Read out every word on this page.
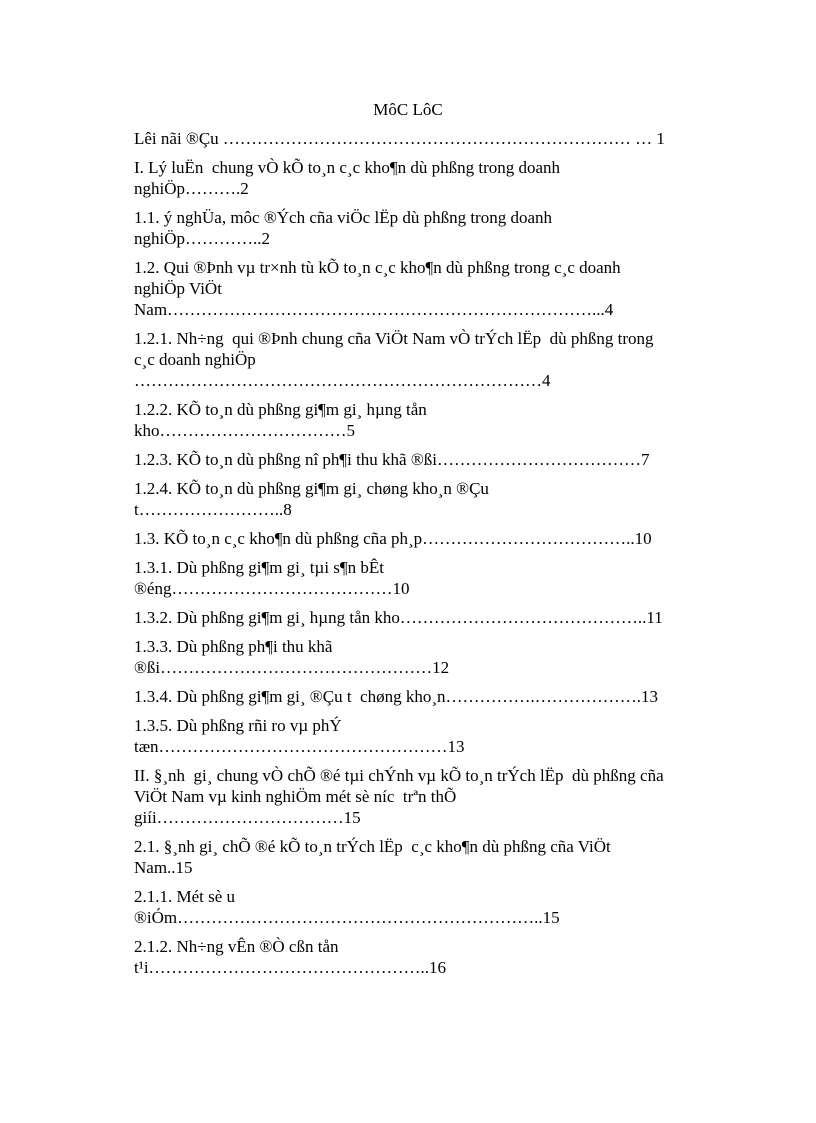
MôC LôC
Lêi nãi ®Çu ……………………………………………………………… … 1
I. Lý luËn  chung vÒ kÕ to¸n c¸c kho¶n dù phßng trong doanh
nghiÖp……….2
1.1. ý nghÜa, môc ®Ých cña viÖc lËp dù phßng trong doanh
nghiÖp…………..2
1.2. Qui ®Þnh vµ tr×nh tù kÕ to¸n c¸c kho¶n dù phßng trong c¸c doanh
nghiÖp ViÖt
Nam…………………………………………………………………...4
1.2.1. Nh÷ng  qui ®Þnh chung cña ViÖt Nam vÒ trÝch lËp  dù phßng trong
c¸c doanh nghiÖp
………………………………………………………………4
1.2.2. KÕ to¸n dù phßng gi¶m gi¸ hµng tån
kho……………………………5
1.2.3. KÕ to¸n dù phßng nî ph¶i thu khã ®ßi………………………………7
1.2.4. KÕ to¸n dù phßng gi¶m gi¸ chøng kho¸n ®Çu
t……………………..8
1.3. KÕ to¸n c¸c kho¶n dù phßng cña ph¸p………………………………..10
1.3.1. Dù phßng gi¶m gi¸ tµi s¶n bÊt
®éng…………………………………10
1.3.2. Dù phßng gi¶m gi¸ hµng tån kho……………………………………..11
1.3.3. Dù phßng ph¶i thu khã
®ßi…………………………………………12
1.3.4. Dù phßng gi¶m gi¸ ®Çu t  chøng kho¸n…………….……………….13
1.3.5. Dù phßng rñi ro vµ phÝ
tæn……………………………………………13
II. §¸nh  gi¸ chung vÒ chÕ ®é tµi chÝnh vµ kÕ to¸n trÝch lËp  dù phßng cña
ViÖt Nam vµ kinh nghiÖm mét sè níc  trªn thÕ
giíi……………………………15
2.1. §¸nh gi¸ chÕ ®é kÕ to¸n trÝch lËp  c¸c kho¶n dù phßng cña ViÖt
Nam..15
2.1.1. Mét sè u
®iÓm………………………………………………………..15
2.1.2. Nh÷ng vÊn ®Ò cßn tån
t¹i…………………………………………..16
